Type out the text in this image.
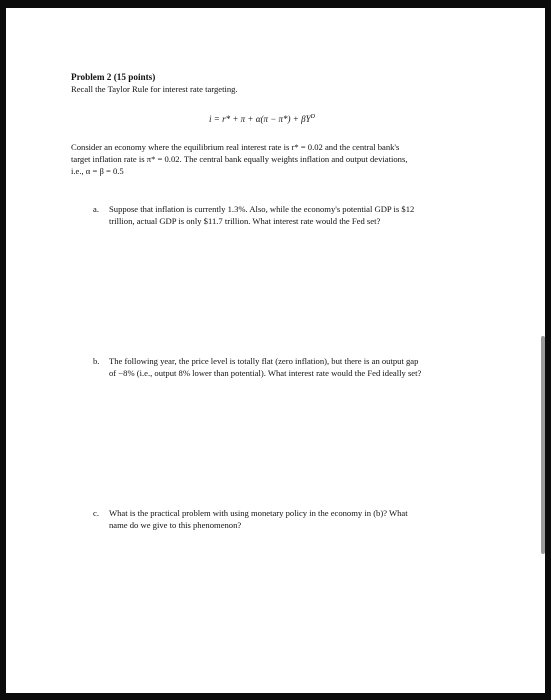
Problem 2 (15 points)
Recall the Taylor Rule for interest rate targeting.
$i = r* + \pi + \alpha(\pi - \pi*) + \beta Y^D$
Consider an economy where the equilibrium real interest rate is r* = 0.02 and the central bank's
target inflation rate is π* = 0.02. The central bank equally weights inflation and output deviations,
i.e., α = β = 0.5
a. Suppose that inflation is currently 1.3%. Also, while the economy's potential GDP is $12
trillion, actual GDP is only $11.7 trillion. What interest rate would the Fed set?
b. The following year, the price level is totally flat (zero inflation), but there is an output gap
of −8% (i.e., output 8% lower than potential). What interest rate would the Fed ideally set?
c. What is the practical problem with using monetary policy in the economy in (b)? What
name do we give to this phenomenon?
